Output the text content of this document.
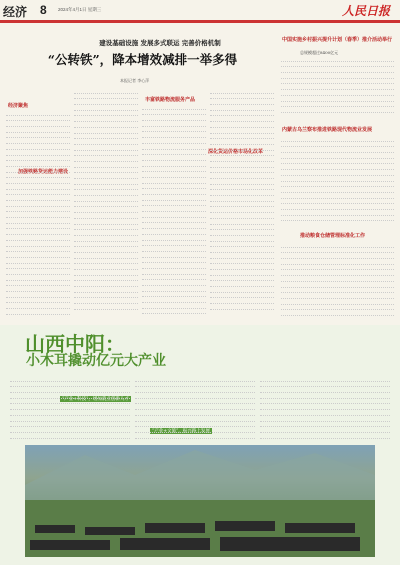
经济 8	2024年4月1日 星期三	人民日报
建设基础设施 发展多式联运 完善价格机制
“公转铁”，降本增效减排一举多得
本报记者 李心萍
经济聚焦
加强铁路货运能力建设
丰富铁路物流服务产品
深化货运价格市场化改革
中国实施乡村振兴提升计划（春季）推介活动举行
总规模超过8400亿元
内蒙古乌兰察布推进铁路现代物流业发展
推动粮食仓储管理标准化工作
山西中阳：
小木耳撬动亿元大产业
“产业+科技”，增加就业创新人才
“产业+文旅”，振兴路上发展
